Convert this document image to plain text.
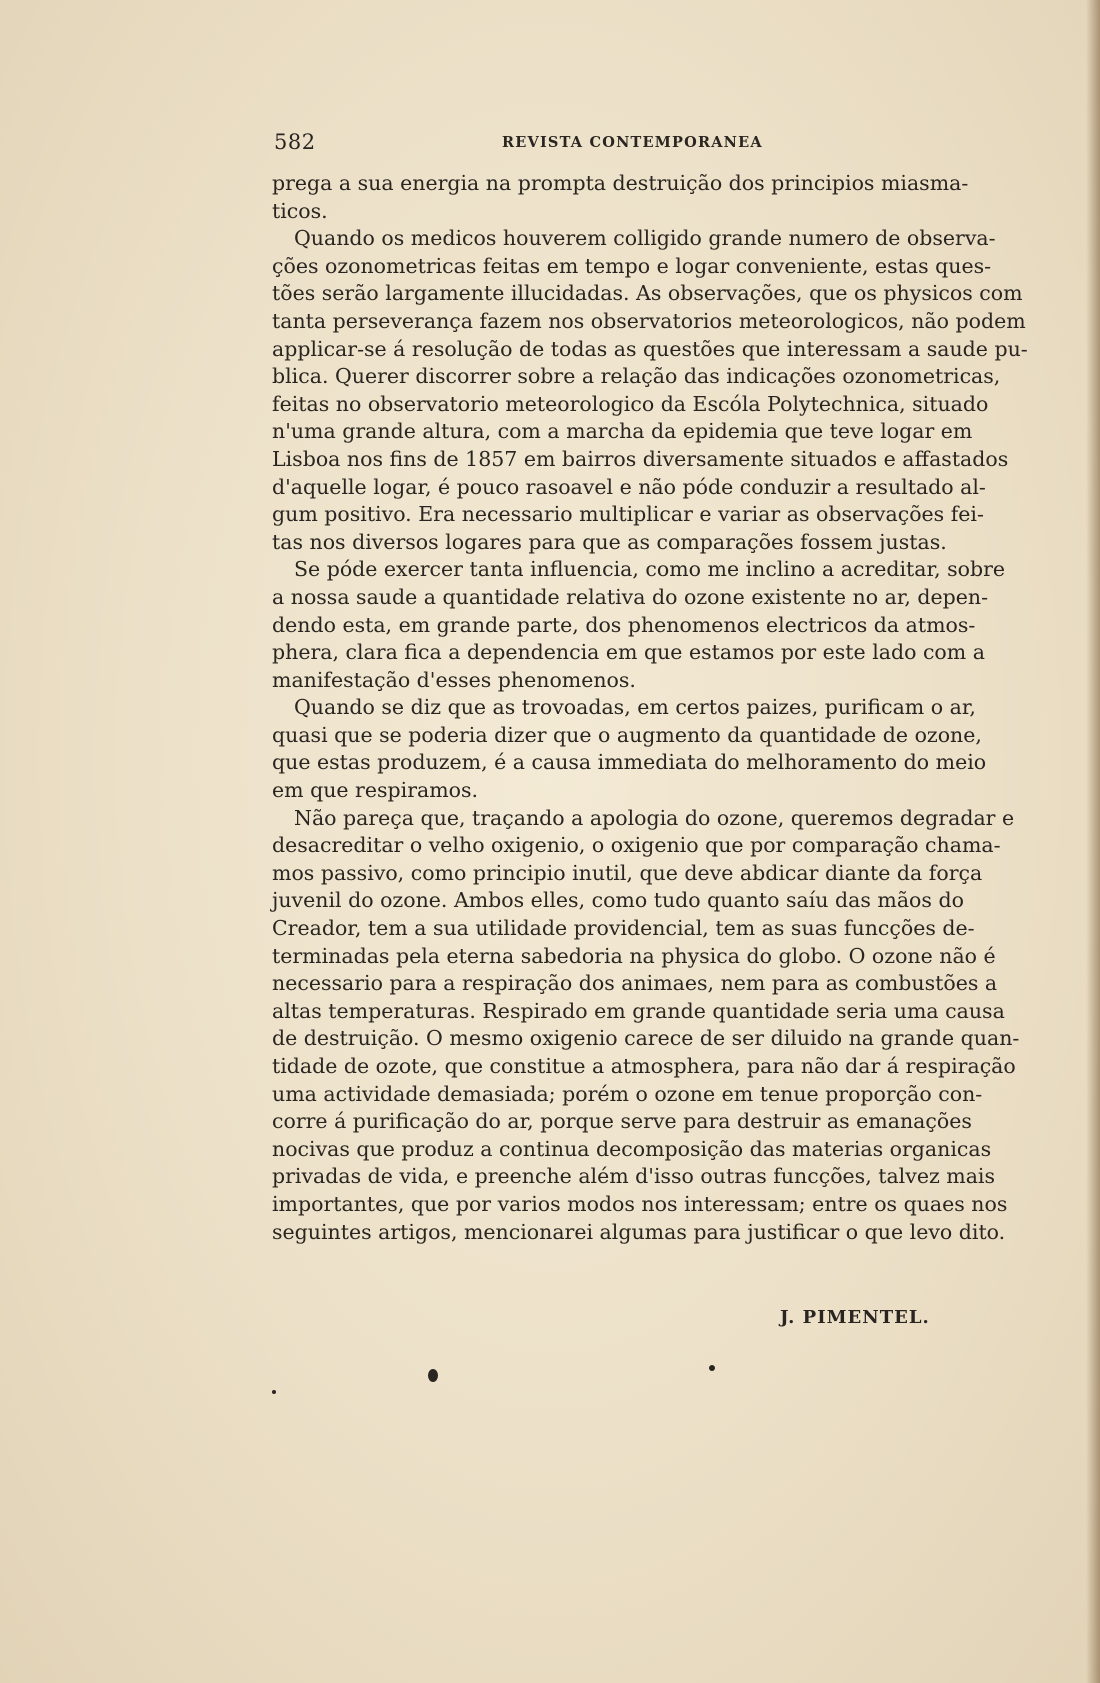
582	REVISTA CONTEMPORANEA
prega a sua energia na prompta destruição dos principios miasma-
ticos.
Quando os medicos houverem colligido grande numero de observa-
ções ozonometricas feitas em tempo e logar conveniente, estas ques-
tões serão largamente illucidadas. As observações, que os physicos com
tanta perseverança fazem nos observatorios meteorologicos, não podem
applicar-se á resolução de todas as questões que interessam a saude pu-
blica. Querer discorrer sobre a relação das indicações ozonometricas,
feitas no observatorio meteorologico da Escóla Polytechnica, situado
n'uma grande altura, com a marcha da epidemia que teve logar em
Lisboa nos fins de 1857 em bairros diversamente situados e affastados
d'aquelle logar, é pouco rasoavel e não póde conduzir a resultado al-
gum positivo. Era necessario multiplicar e variar as observações fei-
tas nos diversos logares para que as comparações fossem justas.
Se póde exercer tanta influencia, como me inclino a acreditar, sobre
a nossa saude a quantidade relativa do ozone existente no ar, depen-
dendo esta, em grande parte, dos phenomenos electricos da atmos-
phera, clara fica a dependencia em que estamos por este lado com a
manifestação d'esses phenomenos.
Quando se diz que as trovoadas, em certos paizes, purificam o ar,
quasi que se poderia dizer que o augmento da quantidade de ozone,
que estas produzem, é a causa immediata do melhoramento do meio
em que respiramos.
Não pareça que, traçando a apologia do ozone, queremos degradar e
desacreditar o velho oxigenio, o oxigenio que por comparação chama-
mos passivo, como principio inutil, que deve abdicar diante da força
juvenil do ozone. Ambos elles, como tudo quanto saíu das mãos do
Creador, tem a sua utilidade providencial, tem as suas funcções de-
terminadas pela eterna sabedoria na physica do globo. O ozone não é
necessario para a respiração dos animaes, nem para as combustões a
altas temperaturas. Respirado em grande quantidade seria uma causa
de destruição. O mesmo oxigenio carece de ser diluido na grande quan-
tidade de ozote, que constitue a atmosphera, para não dar á respiração
uma actividade demasiada; porém o ozone em tenue proporção con-
corre á purificação do ar, porque serve para destruir as emanações
nocivas que produz a continua decomposição das materias organicas
privadas de vida, e preenche além d'isso outras funcções, talvez mais
importantes, que por varios modos nos interessam; entre os quaes nos
seguintes artigos, mencionarei algumas para justificar o que levo dito.
J. PIMENTEL.
